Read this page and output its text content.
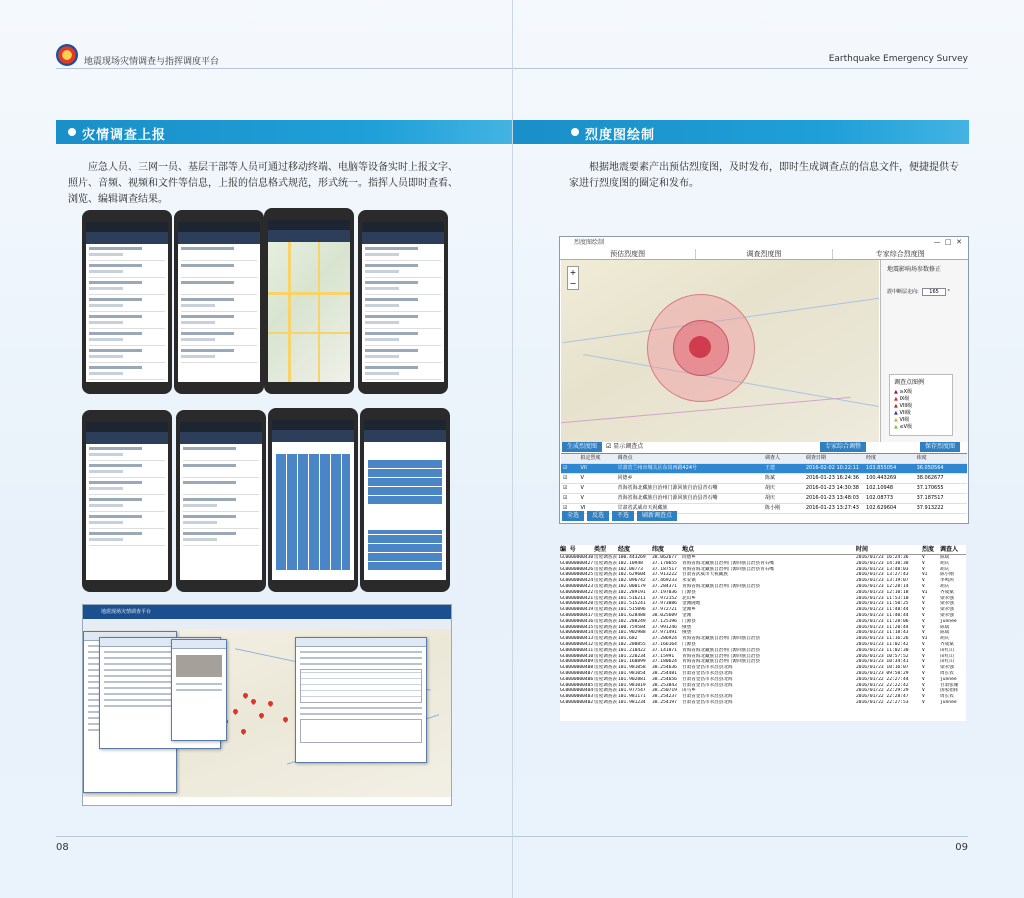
地震现场灾情调查与指挥调度平台
灾情调查上报
应急人员、三网一员、基层干部等人员可通过移动终端、电脑等设备实时上报文字、照片、音频、视频和文件等信息，上报的信息格式规范，形式统一。指挥人员即时查看、浏览、编辑调查结果。
地震现场灾情调查平台
08
Earthquake Emergency Survey
烈度图绘制
根据地震要素产出预估烈度图，及时发布，即时生成调查点的信息文件，便捷提供专家进行烈度图的圈定和发布。
09
烈度图绘制	—  □  ✕
预估烈度图	调查烈度图	专家综合烈度图
+
−
地震影响场参数修正
震中断层走向: 165 °
调查点图例
▲ ≥X级
▲ IX级
▲ VIII级
▲ VII级
▲ VI级
▲ ≤V级
生成烈度图	☑ 显示调查点	专家综合调整	保存烈度图
拟定烈度	调查点	调查人	调查日期	经度	纬度
☑	VII	甘肃省兰州市城关区东岗西路424号	王建	2016-02-02 10:22:11	103.855054	36.050564
☑	V	同德乡	陈斌	2016-01-23 16:24:36	100.443269	38.062677
☑	V	青海省海北藏族自治州门源回族自治县青石嘴	胡庆	2016-01-23 14:30:38	102.10948	37.170655
☑	V	青海省海北藏族自治州门源回族自治县青石嘴	胡庆	2016-01-23 13:48:03	102.08773	37.187517
☑	VI	甘肃省武威市天祝藏族	陈小刚	2016-01-23 13:27:43	102.629604	37.913222
全选	反选	不选	刷新调查点
编 号	类型	经度	纬度	地点	时间	烈度 调查人
GC0000000430 房屋调查表 100.443269	38.062677	同德乡	2016/01/23 16:24:36	V	陈斌
GC0000000427 房屋调查表 102.10948	37.170655	青海省海北藏族自治州门源回族自治县青石嘴	2016/01/23 14:30:38	V	胡庆
GC0000000426 房屋调查表 102.08773	37.187517	青海省海北藏族自治州门源回族自治县青石嘴	2016/01/23 13:48:03	V	胡庆
GC0000000425 房屋调查表 102.629604	37.913222	甘肃省武威市天祝藏族	2016/01/23 13:27:43	VI	陈小刚
GC0000000424 房屋调查表 102.096742	37.469233	永安镇	2016/01/23 13:19:07	V	李鸣鸿
GC0000000423 房屋调查表 102.000179	37.284371	青海省海北藏族自治州门源回族自治县	2016/01/23 12:28:14	V	胡庆
GC0000000422 房屋调查表 102.289191	37.197036	门源县	2016/01/23 12:10:18	VI	齐成斌
GC0000000421 房屋调查表 101.516211	37.972152	北山乡	2016/01/23 11:53:10	V	梁永强
GC0000000420 房屋调查表 101.515241	37.973086	金滩隆地	2016/01/23 11:50:25	V	梁永强
GC0000000419 房屋调查表 101.515096	37.972721	金滩乡	2016/01/23 11:48:44	V	梁永强
GC0000000417 房屋调查表 101.628488	38.025609	金滩	2016/01/23 11:40:44	V	梁永强
GC0000000416 房屋调查表 102.288249	37.125196	门源县	2016/01/23 11:28:06	V	junnee
GC0000000415 房屋调查表 100.759584	37.991246	俄堡	2016/01/23 11:20:44	V	陈斌
GC0000000414 房屋调查表 101.902988	37.971491	俄堡	2016/01/23 11:18:43	V	陈斌
GC0000000413 房屋调查表 101.682	37.286924	青海省海北藏族自治州门源回族自治县	2016/01/23 11:16:26	VI	胡庆
GC0000000412 房屋调查表 102.200855	37.166164	门源县	2016/01/23 11:02:42	V	齐成斌
GC0000000411 房屋调查表 101.210422	37.141871	青海省海北藏族自治州门源回族自治县	2016/01/23 11:02:30	V	田红山
GC0000000410 房屋调查表 101.220234	37.15991	青海省海北藏族自治州门源回族自治县	2016/01/23 10:57:52	V	田红山
GC0000000409 房屋调查表 101.160899	37.180624	青海省海北藏族自治州门源回族自治县	2016/01/23 10:34:41	V	田红山
GC0000000408 房屋调查表 101.981058	38.254636	甘肃省金昌市永昌县北海	2016/01/23 10:16:07	V	梁永强
GC0000000407 房屋调查表 101.981054	38.254481	甘肃省金昌市永昌县北海	2016/01/23 09:58:29	V	周长农
GC0000000406 房屋调查表 101.902881	38.254656	甘肃省金昌市永昌县北海	2016/01/22 22:27:44	V	junnee
GC0000000405 房屋调查表 101.981019	38.253843	甘肃省金昌市永昌县北海	2016/01/22 22:22:42	V	甘肃张珊
GC0000000404 房屋调查表 101.977547	38.250719	田马乡	2016/01/22 22:29:29	V	国家指挥
GC0000000403 房屋调查表 101.981171	38.254237	甘肃省金昌市永昌县北海	2016/01/22 22:28:47	V	周长农
GC0000000402 房屋调查表 101.981234	38.254197	甘肃省金昌市永昌县北海	2016/01/22 22:27:53	V	junnee
